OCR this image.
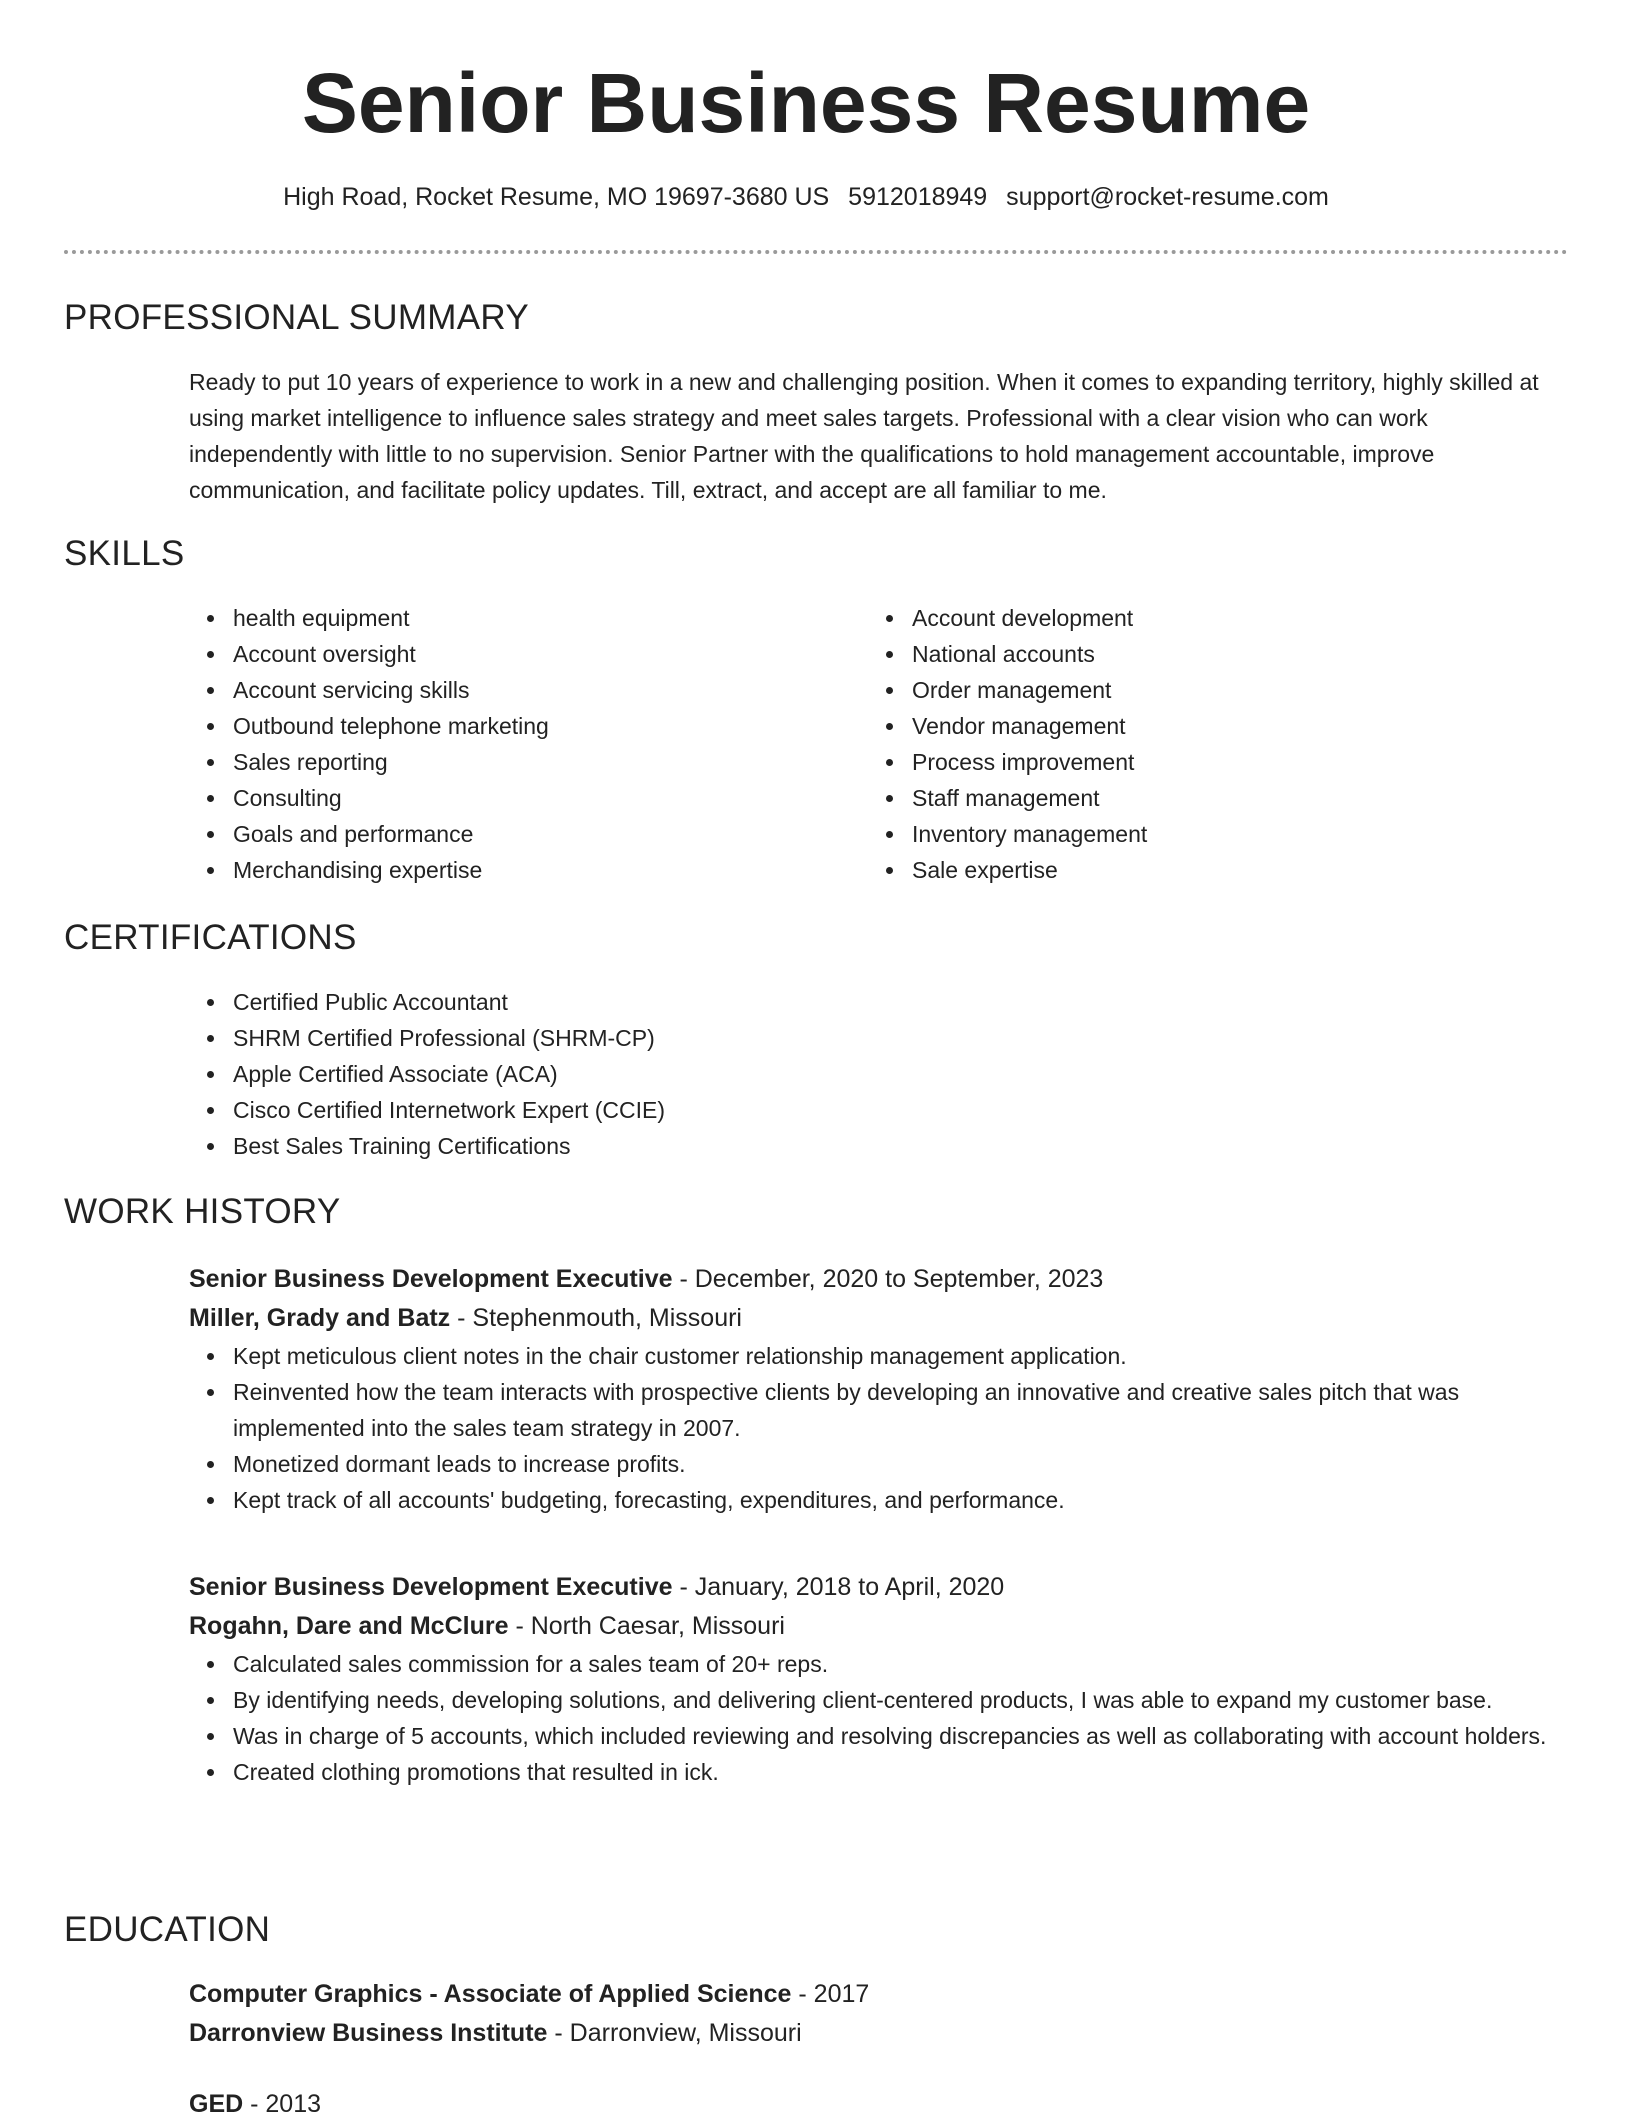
Senior Business Resume
High Road, Rocket Resume, MO 19697-3680 US 5912018949 support@rocket-resume.com
PROFESSIONAL SUMMARY

Ready to put 10 years of experience to work in a new and challenging position. When it comes to expanding territory, highly skilled at using market intelligence to influence sales strategy and meet sales targets. Professional with a clear vision who can work independently with little to no supervision. Senior Partner with the qualifications to hold management accountable, improve communication, and facilitate policy updates. Till, extract, and accept are all familiar to me.

SKILLS
health equipment
Account oversight
Account servicing skills
Outbound telephone marketing
Sales reporting
Consulting
Goals and performance
Merchandising expertise
Account development
National accounts
Order management
Vendor management
Process improvement
Staff management
Inventory management
Sale expertise
CERTIFICATIONS
Certified Public Accountant
SHRM Certified Professional (SHRM-CP)
Apple Certified Associate (ACA)
Cisco Certified Internetwork Expert (CCIE)
Best Sales Training Certifications
WORK HISTORY
Senior Business Development Executive - December, 2020 to September, 2023
Miller, Grady and Batz - Stephenmouth, Missouri
Kept meticulous client notes in the chair customer relationship management application.
Reinvented how the team interacts with prospective clients by developing an innovative and creative sales pitch that was implemented into the sales team strategy in 2007.
Monetized dormant leads to increase profits.
Kept track of all accounts' budgeting, forecasting, expenditures, and performance.
Senior Business Development Executive - January, 2018 to April, 2020
Rogahn, Dare and McClure - North Caesar, Missouri
Calculated sales commission for a sales team of 20+ reps.
By identifying needs, developing solutions, and delivering client-centered products, I was able to expand my customer base.
Was in charge of 5 accounts, which included reviewing and resolving discrepancies as well as collaborating with account holders.
Created clothing promotions that resulted in ick.
EDUCATION
Computer Graphics - Associate of Applied Science - 2017
Darronview Business Institute - Darronview, Missouri
GED - 2013
